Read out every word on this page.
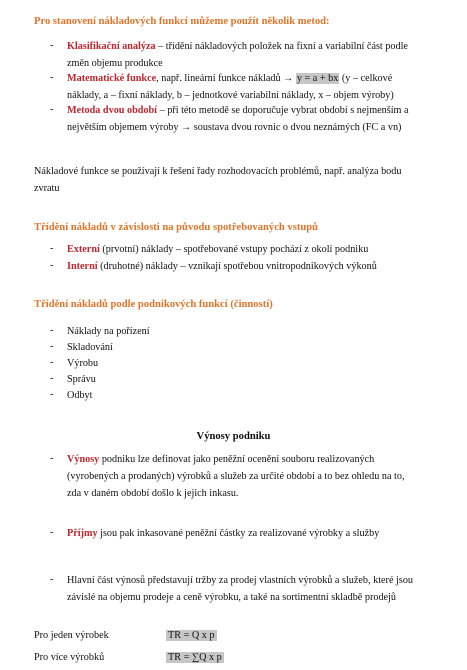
Pro stanovení nákladových funkcí můžeme použít několik metod:
-	Klasifikační analýza – třídění nákladových položek na fixní a variabilní část podle
změn objemu produkce
-	Matematické funkce, např. lineární funkce nákladů → y = a + bx (y – celkové
náklady, a – fixní náklady, b – jednotkové variabilní náklady, x – objem výroby)
-	Metoda dvou období – při této metodě se doporučuje vybrat období s nejmenším a
největším objemem výroby → soustava dvou rovnic o dvou neznámých (FC a vn)
Nákladové funkce se používají k řešení řady rozhodovacích problémů, např. analýza bodu
zvratu
Třídění nákladů v závislosti na původu spotřebovaných vstupů
-	Externí (prvotní) náklady – spotřebované vstupy pochází z okolí podniku
-	Interní (druhotné) náklady – vznikají spotřebou vnitropodnikových výkonů
Třídění nákladů podle podnikových funkcí (činností)
-	Náklady na pořízení
-	Skladování
-	Výrobu
-	Správu
-	Odbyt
Výnosy podniku
-	Výnosy podniku lze definovat jako peněžní ocenění souboru realizovaných
(vyrobených a prodaných) výrobků a služeb za určité období a to bez ohledu na to,
zda v daném období došlo k jejich inkasu.
-	Příjmy jsou pak inkasované peněžní částky za realizované výrobky a služby
-	Hlavní část výnosů představují tržby za prodej vlastních výrobků a služeb, které jsou
závislé na objemu prodeje a ceně výrobku, a také na sortimentní skladbě prodejů
Pro jeden výrobek	TR = Q x p
Pro více výrobků	TR = ∑Q x p
